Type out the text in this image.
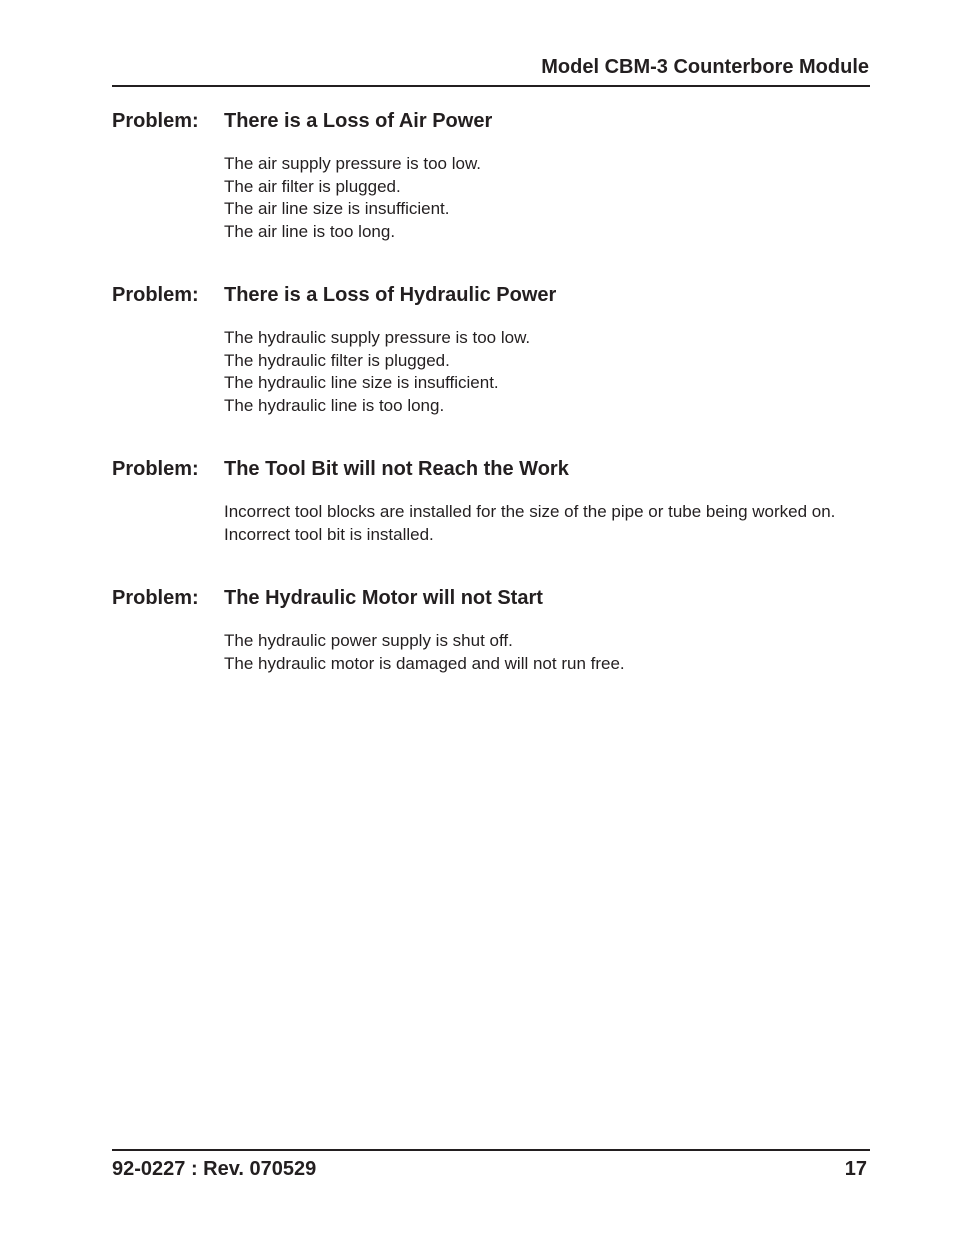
Model CBM-3 Counterbore Module
Problem:	There is a Loss of Air Power
The air supply pressure is too low.
The air filter is plugged.
The air line size is insufficient.
The air line is too long.
Problem:	There is a Loss of Hydraulic Power
The hydraulic supply pressure is too low.
The hydraulic filter is plugged.
The hydraulic line size is insufficient.
The hydraulic line is too long.
Problem:	The Tool Bit will not Reach the Work
Incorrect tool blocks are installed for the size of the pipe or tube being worked on.
Incorrect tool bit is installed.
Problem:	The Hydraulic Motor will not Start
The hydraulic power supply is shut off.
The hydraulic motor is damaged and will not run free.
92-0227 : Rev. 070529	17
